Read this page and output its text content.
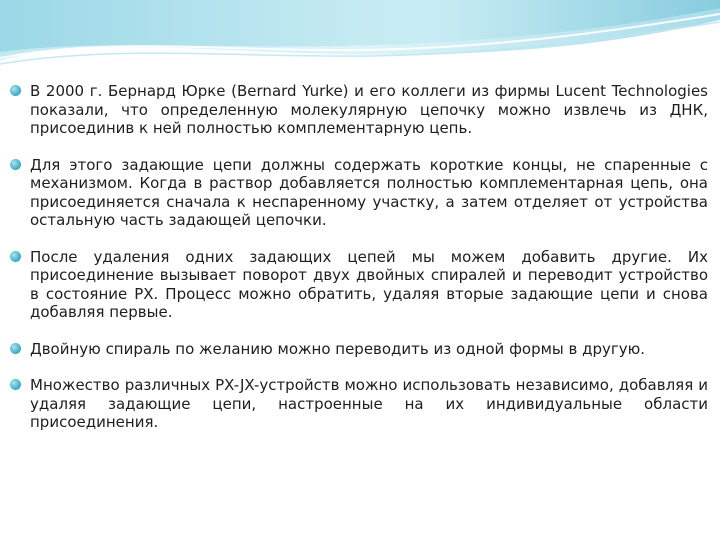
В 2000 г. Бернард Юрке (Bernard Yurke) и его коллеги из фирмы Lucent Technologies показали, что определенную молекулярную цепочку можно извлечь из ДНК, присоединив к ней полностью комплементарную цепь.
Для этого задающие цепи должны содержать короткие концы, не спаренные с механизмом. Когда в раствор добавляется полностью комплементарная цепь, она присоединяется сначала к неспаренному участку, а затем отделяет от устройства остальную часть задающей цепочки.
После удаления одних задающих цепей мы можем добавить другие. Их присоединение вызывает поворот двух двойных спиралей и переводит устройство в состояние PX. Процесс можно обратить, удаляя вторые задающие цепи и снова добавляя первые.
Двойную спираль по желанию можно переводить из одной формы в другую.
Множество различных PX-JX-устройств можно использовать независимо, добавляя и удаляя задающие цепи, настроенные на их индивидуальные области присоединения.
